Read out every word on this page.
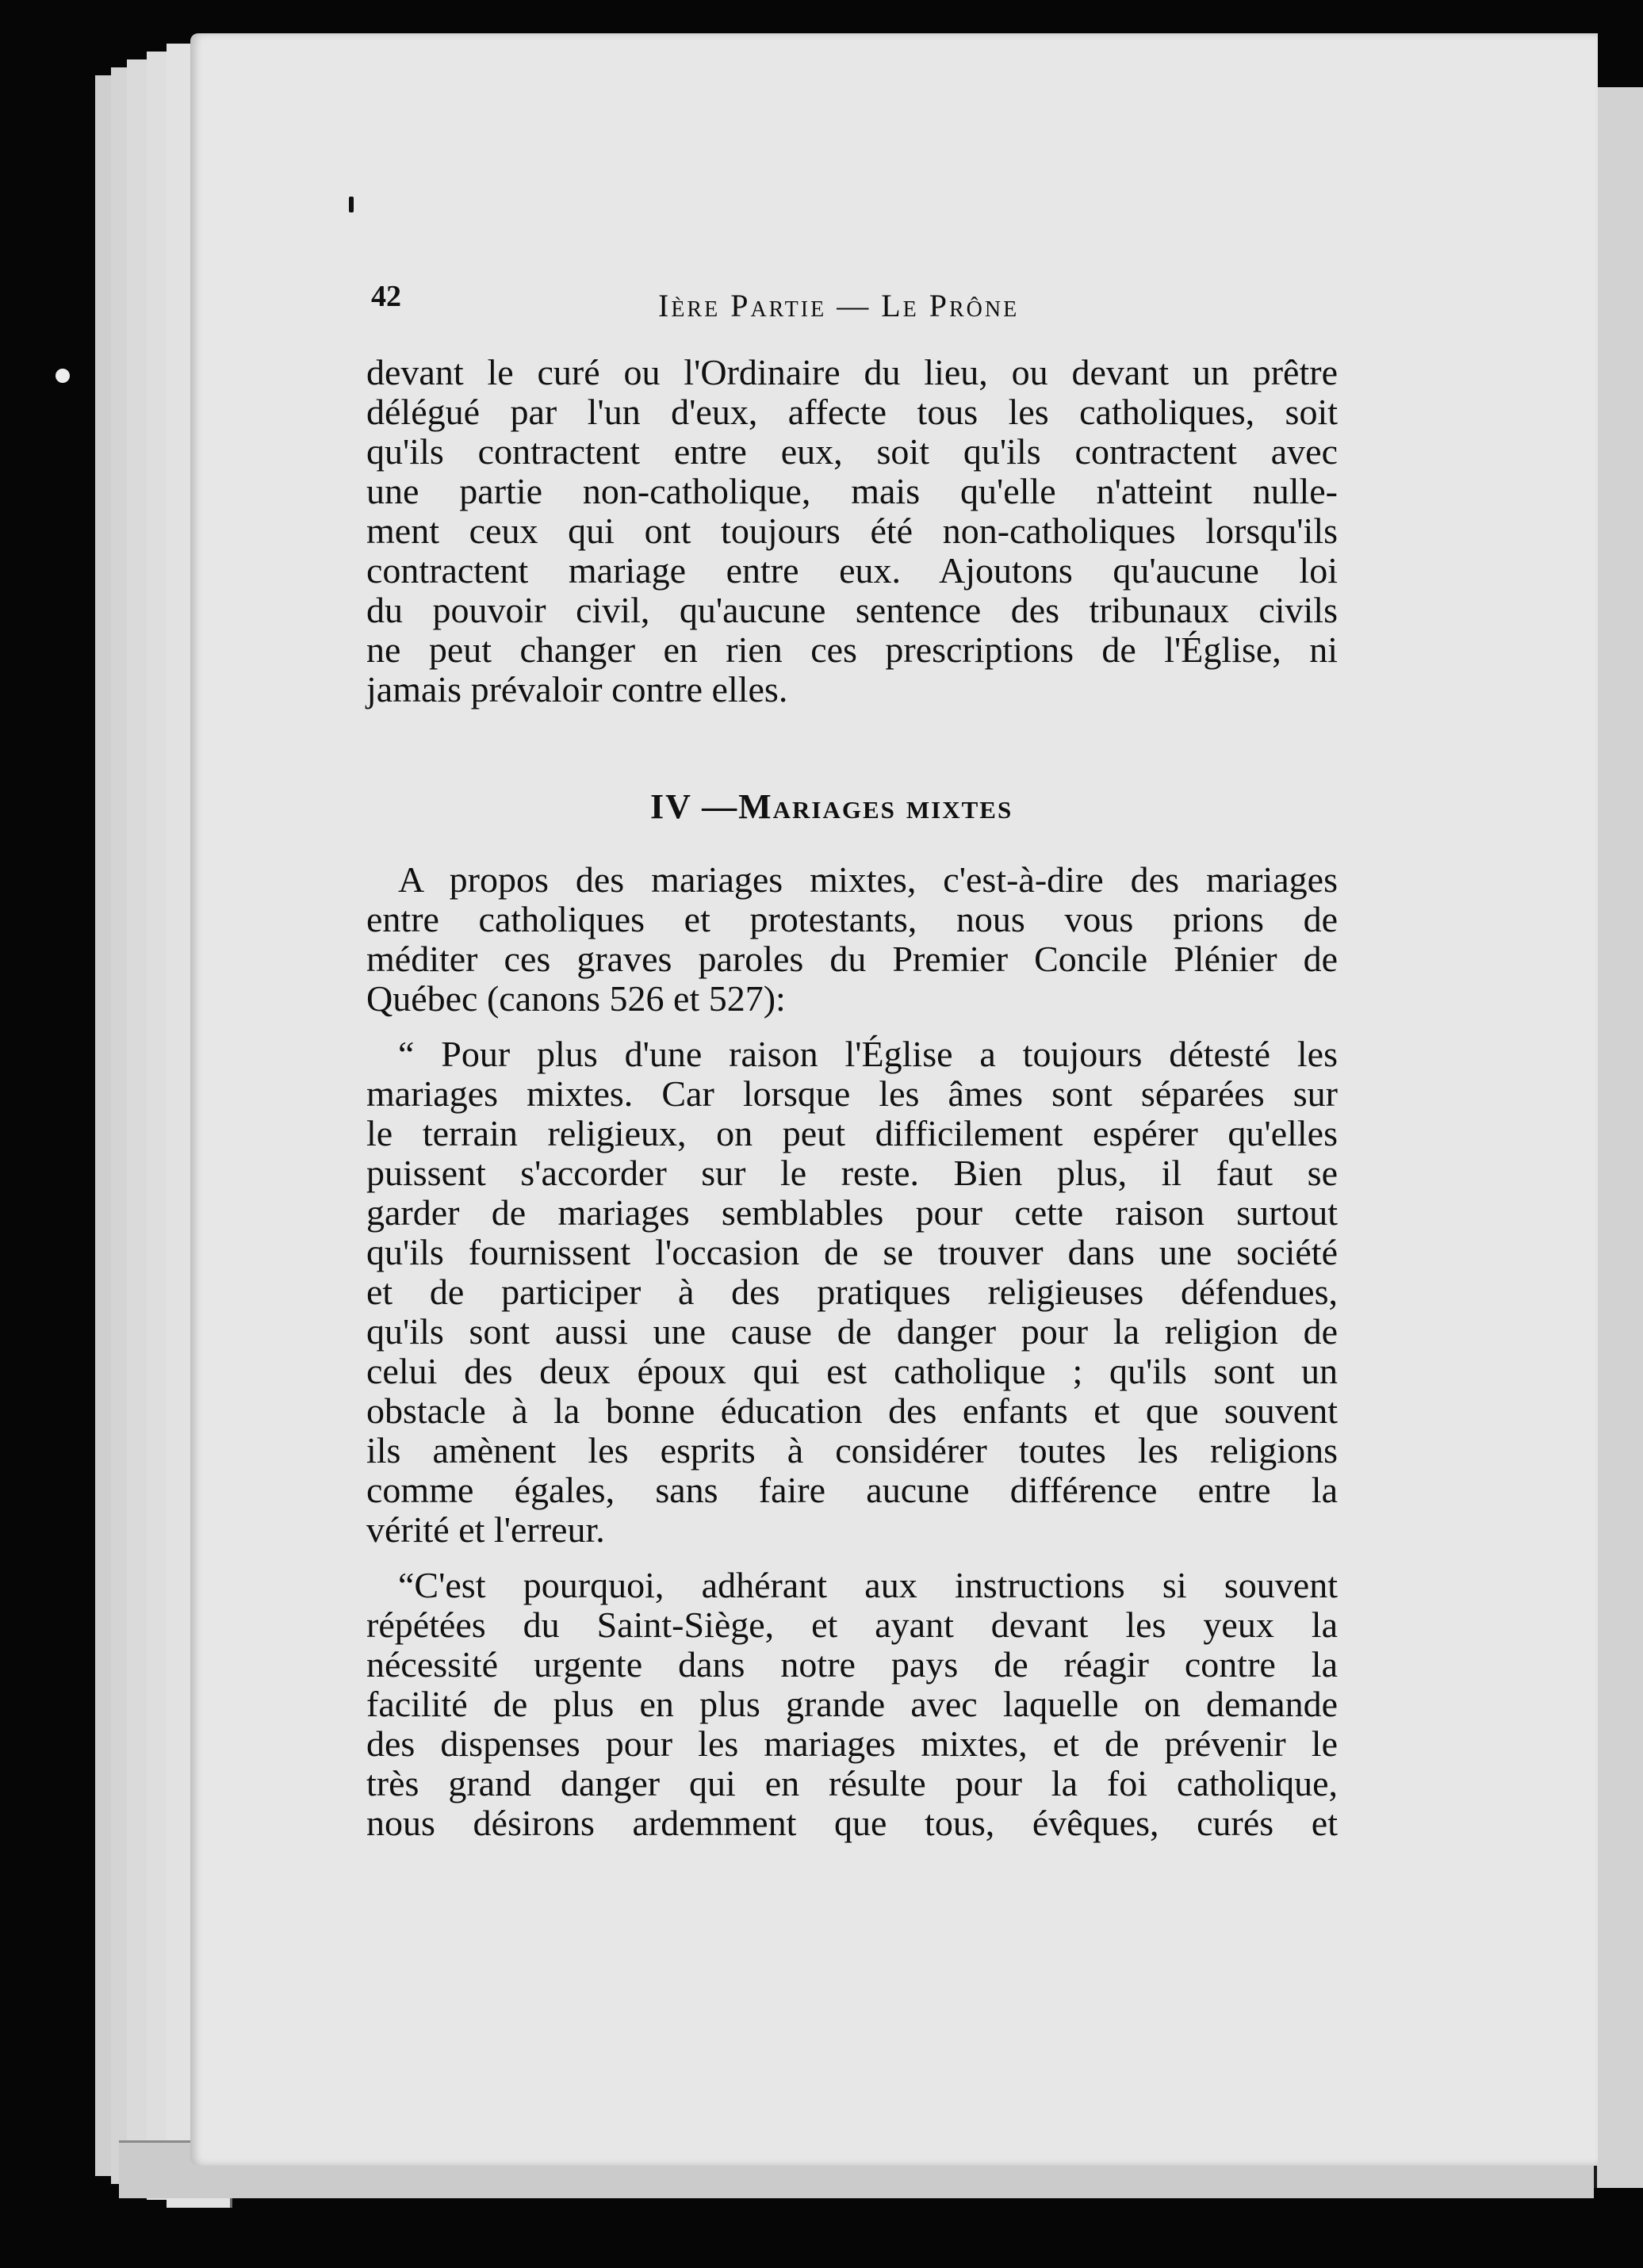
42	Ière Partie — Le Prône
devant le curé ou l'Ordinaire du lieu, ou devant un prêtre
délégué par l'un d'eux, affecte tous les catholiques, soit
qu'ils contractent entre eux, soit qu'ils contractent avec
une partie non-catholique, mais qu'elle n'atteint nulle-
ment ceux qui ont toujours été non-catholiques lorsqu'ils
contractent mariage entre eux. Ajoutons qu'aucune loi
du pouvoir civil, qu'aucune sentence des tribunaux civils
ne peut changer en rien ces prescriptions de l'Église, ni
jamais prévaloir contre elles.
IV —Mariages mixtes
A propos des mariages mixtes, c'est-à-dire des mariages
entre catholiques et protestants, nous vous prions de
méditer ces graves paroles du Premier Concile Plénier de
Québec (canons 526 et 527):
“ Pour plus d'une raison l'Église a toujours détesté les
mariages mixtes. Car lorsque les âmes sont séparées sur
le terrain religieux, on peut difficilement espérer qu'elles
puissent s'accorder sur le reste. Bien plus, il faut se
garder de mariages semblables pour cette raison surtout
qu'ils fournissent l'occasion de se trouver dans une société
et de participer à des pratiques religieuses défendues,
qu'ils sont aussi une cause de danger pour la religion de
celui des deux époux qui est catholique ; qu'ils sont un
obstacle à la bonne éducation des enfants et que souvent
ils amènent les esprits à considérer toutes les religions
comme égales, sans faire aucune différence entre la
vérité et l'erreur.
“C'est pourquoi, adhérant aux instructions si souvent
répétées du Saint-Siège, et ayant devant les yeux la
nécessité urgente dans notre pays de réagir contre la
facilité de plus en plus grande avec laquelle on demande
des dispenses pour les mariages mixtes, et de prévenir le
très grand danger qui en résulte pour la foi catholique,
nous désirons ardemment que tous, évêques, curés et
